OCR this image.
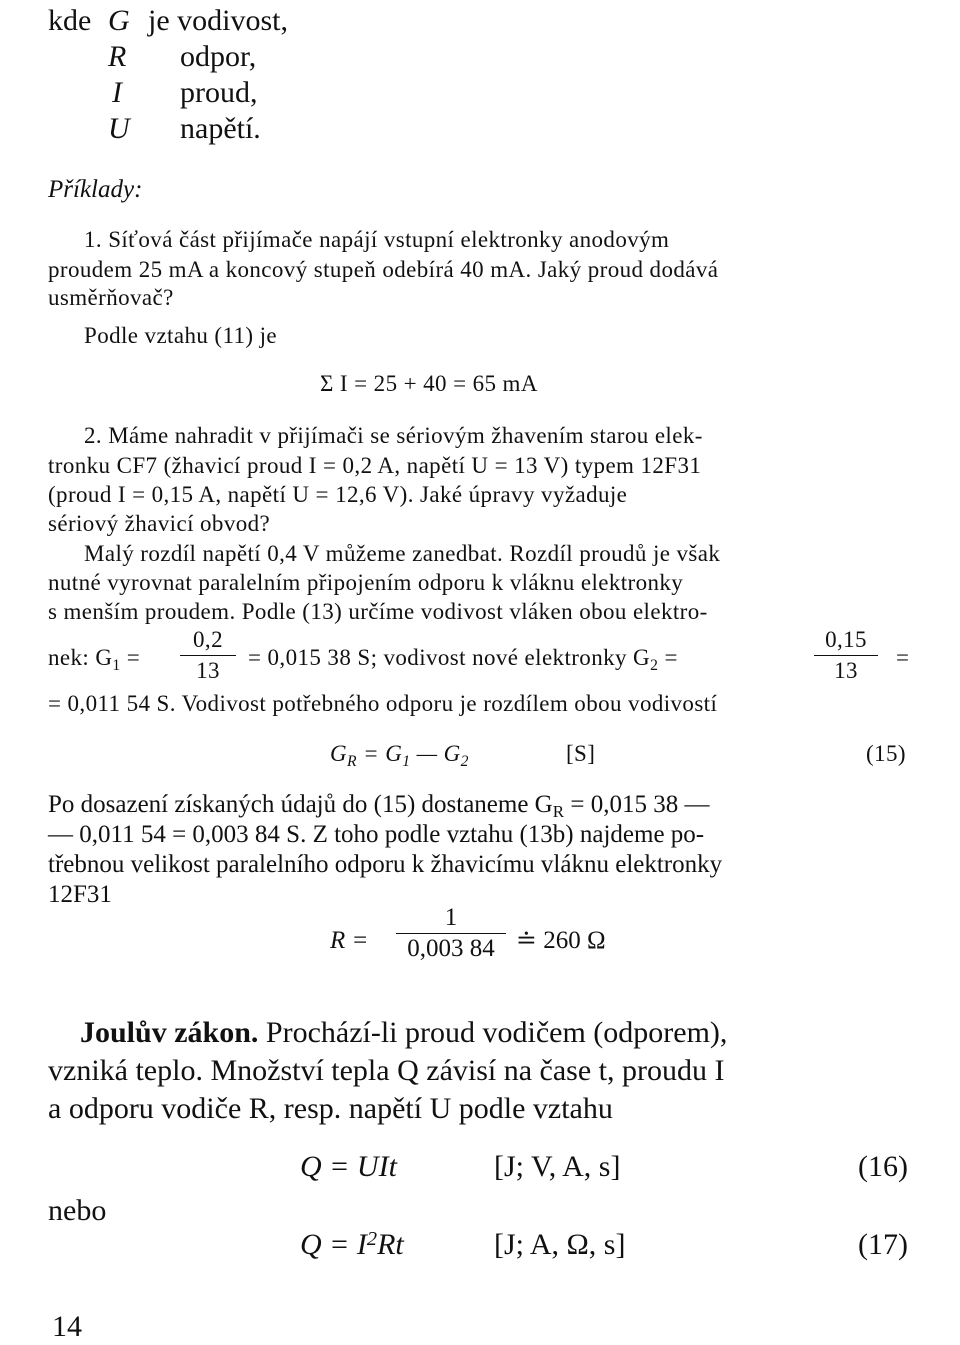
kde G je vodivost,
R odpor,
I proud,
U napětí.
Příklady:
1. Síťová část přijímače napájí vstupní elektronky anodovým
proudem 25 mA a koncový stupeň odebírá 40 mA. Jaký proud dodává
usměrňovač?
Podle vztahu (11) je
Σ I = 25 + 40 = 65 mA
2. Máme nahradit v přijímači se sériovým žhavením starou elek-
tronku CF7 (žhavicí proud I = 0,2 A, napětí U = 13 V) typem 12F31
(proud I = 0,15 A, napětí U = 12,6 V). Jaké úpravy vyžaduje
sériový žhavicí obvod?
Malý rozdíl napětí 0,4 V můžeme zanedbat. Rozdíl proudů je však
nutné vyrovnat paralelním připojením odporu k vláknu elektronky
s menším proudem. Podle (13) určíme vodivost vláken obou elektro-
nek: $G_1$ =
0,2
13
= 0,015 38 S; vodivost nové elektronky $G_2$ =
0,15
13
=
= 0,011 54 S. Vodivost potřebného odporu je rozdílem obou vodivostí
$G_R = G_1$ — $G_2$	[S]	(15)
Po dosazení získaných údajů do (15) dostaneme $G_R = 0,015$ 38 —
— 0,011 54 = 0,003 84 S. Z toho podle vztahu (13b) najdeme po-
třebnou velikost paralelního odporu k žhavicímu vláknu elektronky
12F31
R =
1
0,003 84 ≐ 260 Ω
Joulův zákon. Prochází-li proud vodičem (odporem),
vzniká teplo. Množství tepla Q závisí na čase t, proudu I
a odporu vodiče R, resp. napětí U podle vztahu
Q = UIt	[J; V, A, s]	(16)
nebo
$Q = I^2Rt$	[J; A, Ω, s]	(17)
14
